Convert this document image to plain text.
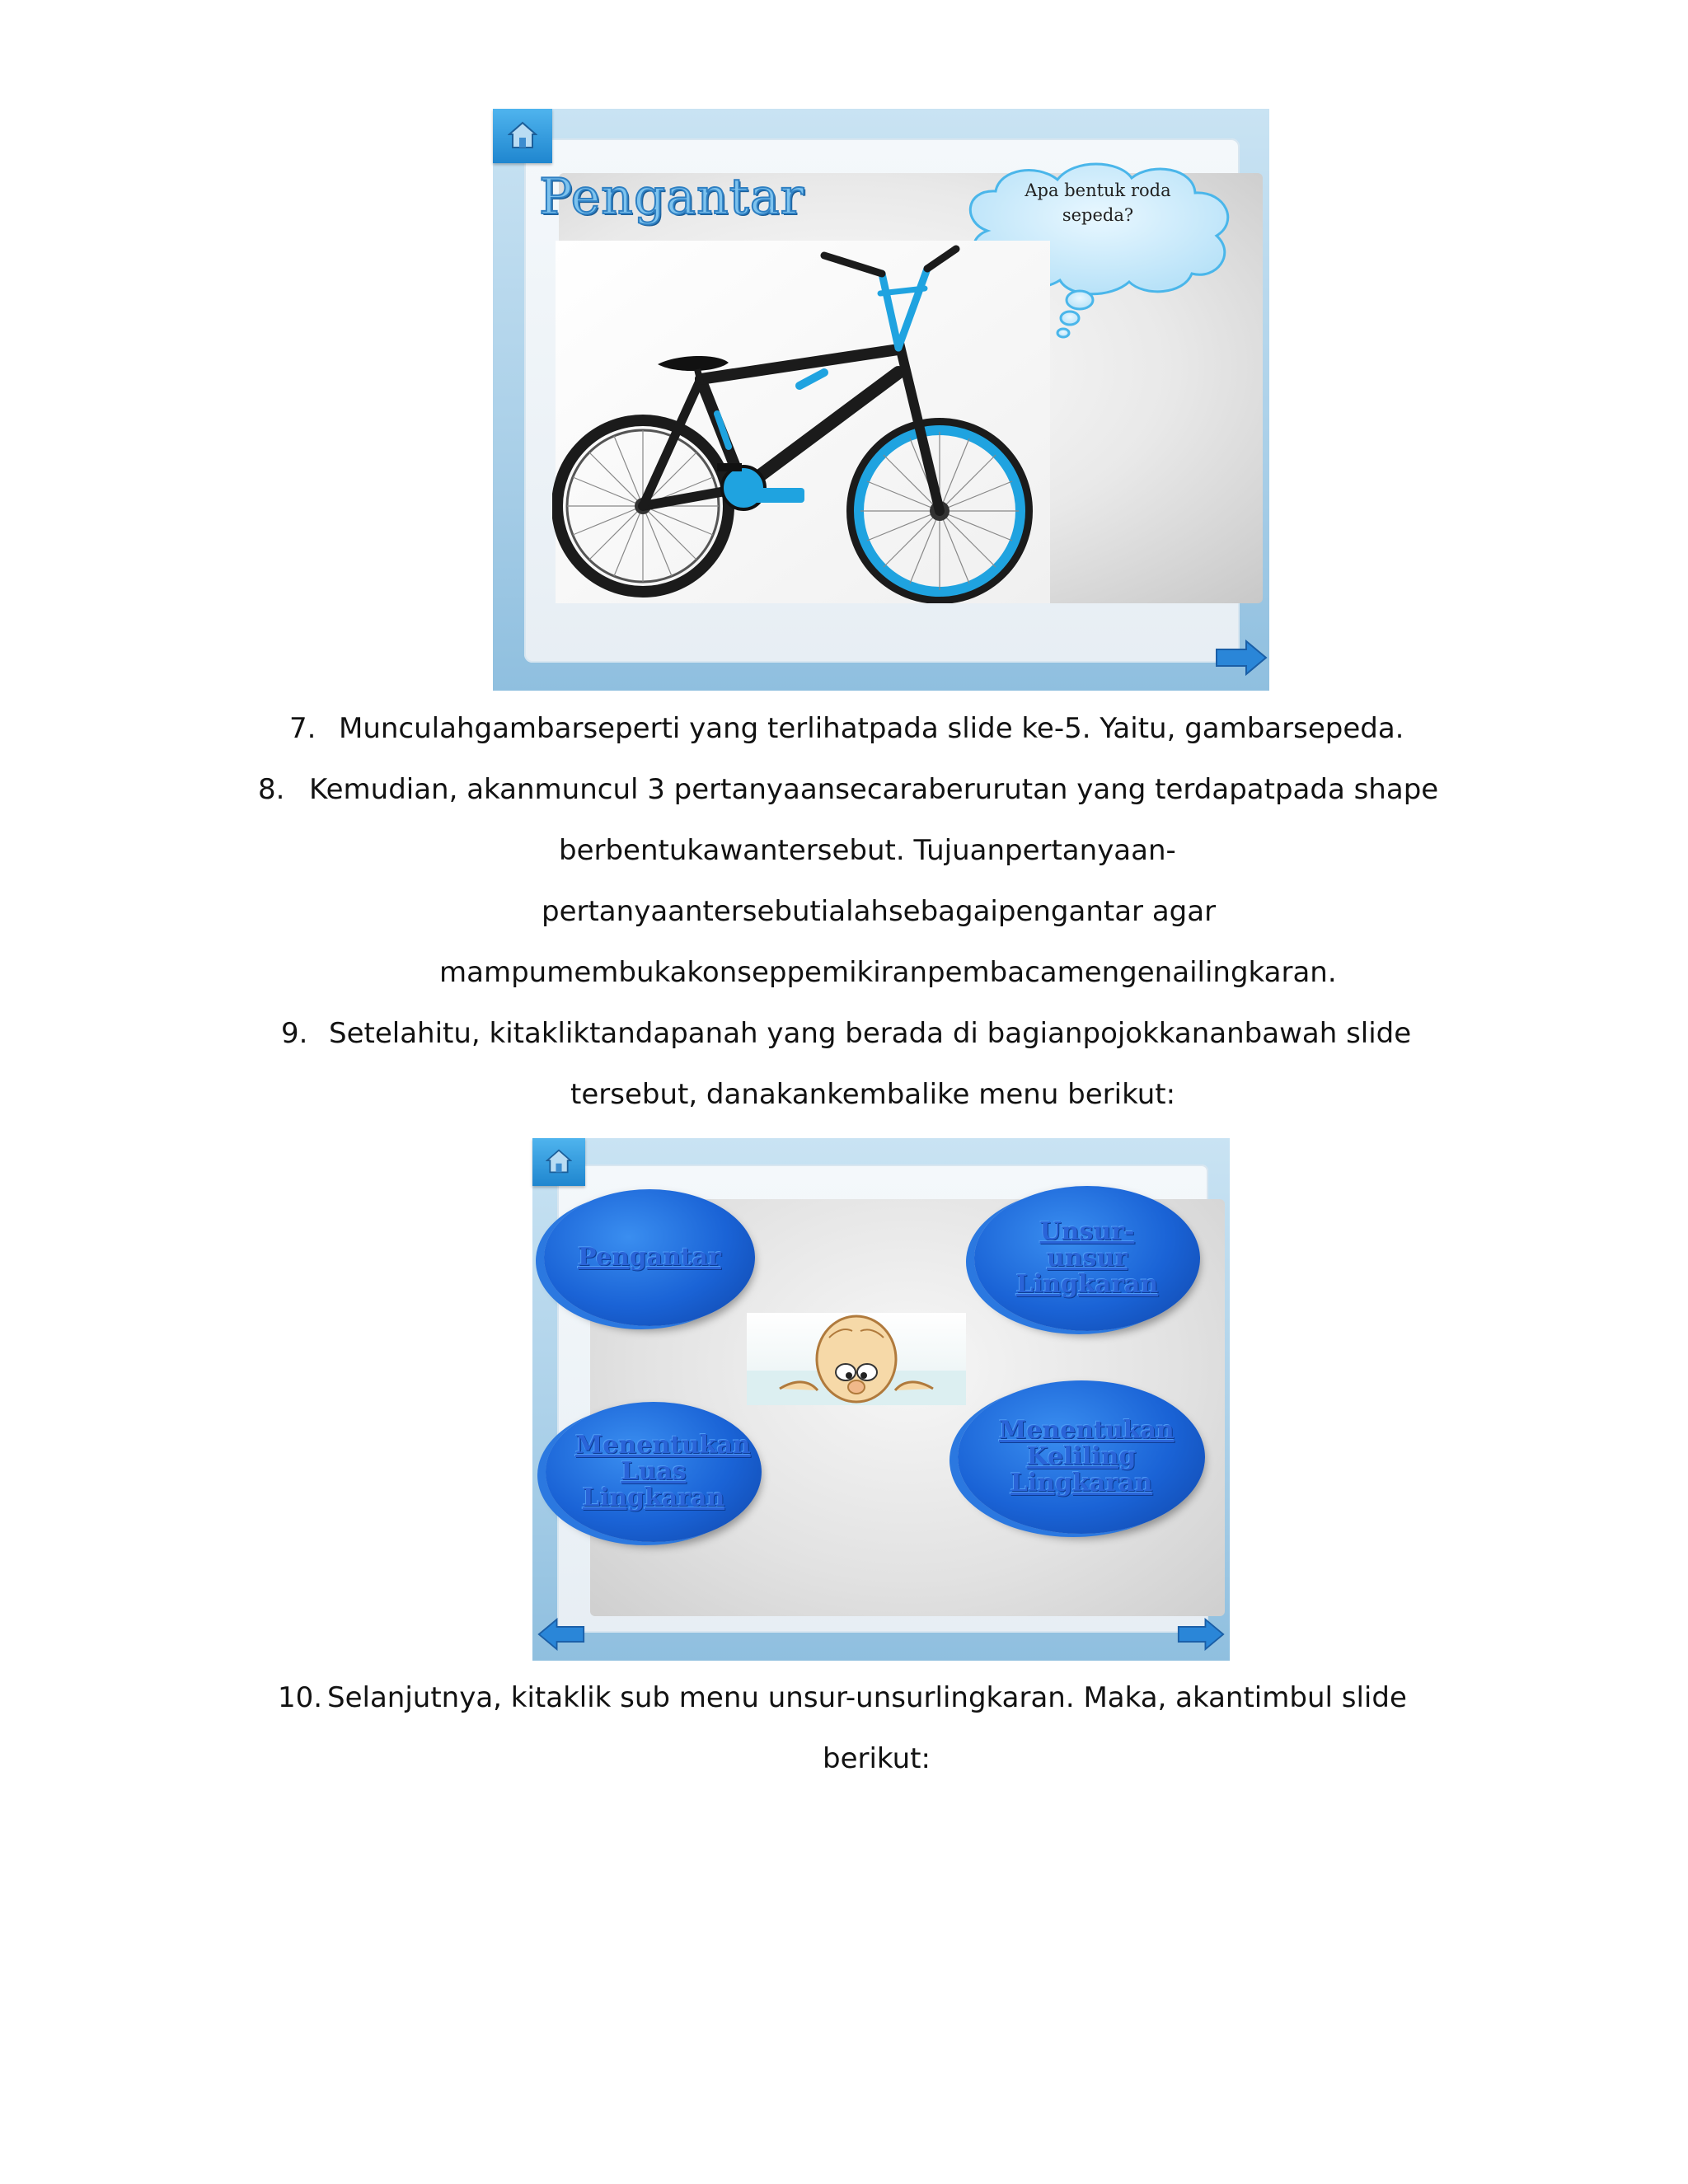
Pengantar	Apa bentuk roda sepeda?
7. Munculahgambarseperti yang terlihatpada slide ke-5. Yaitu, gambarsepeda.
8. Kemudian, akanmuncul 3 pertanyaansecaraberurutan yang terdapatpada shape
berbentukawantersebut. Tujuanpertanyaan-
pertanyaantersebutialahsebagaipengantar agar
mampumembukakonseppemikiranpembacamengenailingkaran.
9. Setelahitu, kitakliktandapanah yang berada di bagianpojokkananbawah slide
tersebut, danakankembalike menu berikut:
Pengantar
Unsur-unsur Lingkaran
Menentukan Luas Lingkaran
Menentukan Keliling Lingkaran
10. Selanjutnya, kitaklik sub menu unsur-unsurlingkaran. Maka, akantimbul slide
berikut:
